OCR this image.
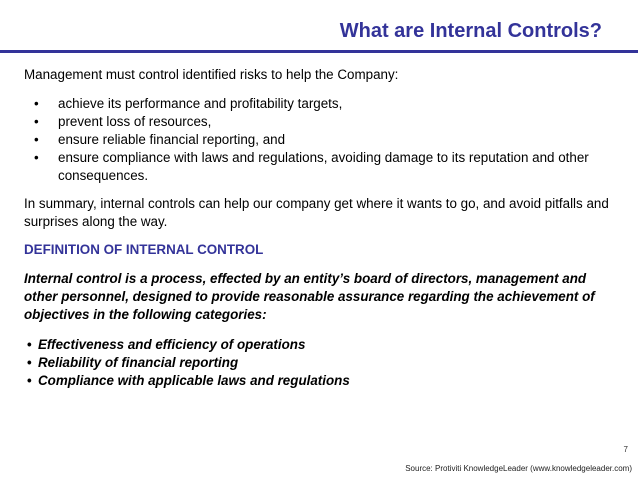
What are Internal Controls?

Management must control identified risks to help the Company:

• achieve its performance and profitability targets,
• prevent loss of resources,
• ensure reliable financial reporting, and
• ensure compliance with laws and regulations, avoiding damage to its reputation and other consequences.

In summary, internal controls can help our company get where it wants to go, and avoid pitfalls and surprises along the way.

DEFINITION OF INTERNAL CONTROL

Internal control is a process, effected by an entity’s board of directors, management and other personnel, designed to provide reasonable assurance regarding the achievement of objectives in the following categories:

• Effectiveness and efficiency of operations
• Reliability of financial reporting
• Compliance with applicable laws and regulations
7
Source: Protiviti KnowledgeLeader (www.knowledgeleader.com)
